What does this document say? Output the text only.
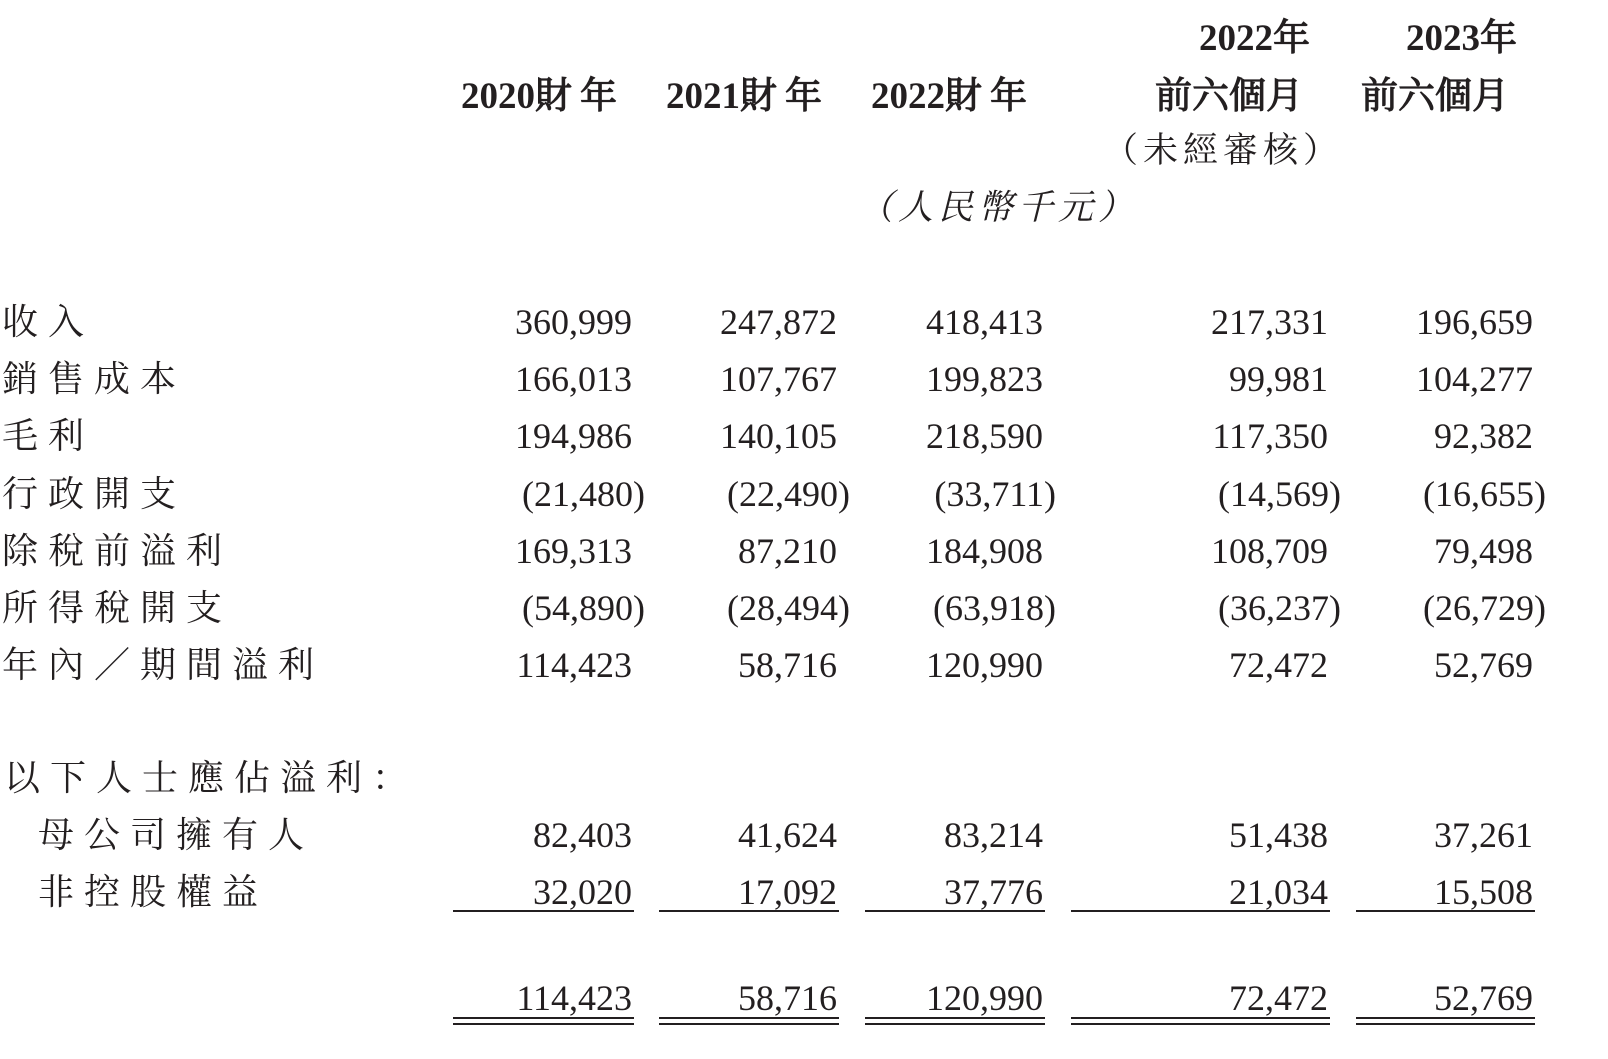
2022年 2023年
2020財年 2021財年 2022財年	前六個月 前六個月
（未經審核）
（人民幣千元）
收入	360,999 247,872 418,413	217,331 196,659
銷售成本	166,013 107,767 199,823	99,981 104,277
毛利	194,986 140,105 218,590	117,350	92,382
行政開支	(21,480) (22,490) (33,711)	(14,569) (16,655)
除稅前溢利	169,313	87,210 184,908	108,709	79,498
所得稅開支	(54,890) (28,494) (63,918)	(36,237) (26,729)
年內／期間溢利	114,423	58,716 120,990	72,472	52,769
以下人士應佔溢利：
母公司擁有人	82,403	41,624	83,214	51,438	37,261
非控股權益	32,020	17,092	37,776	21,034	15,508
114,423	58,716 120,990	72,472	52,769
